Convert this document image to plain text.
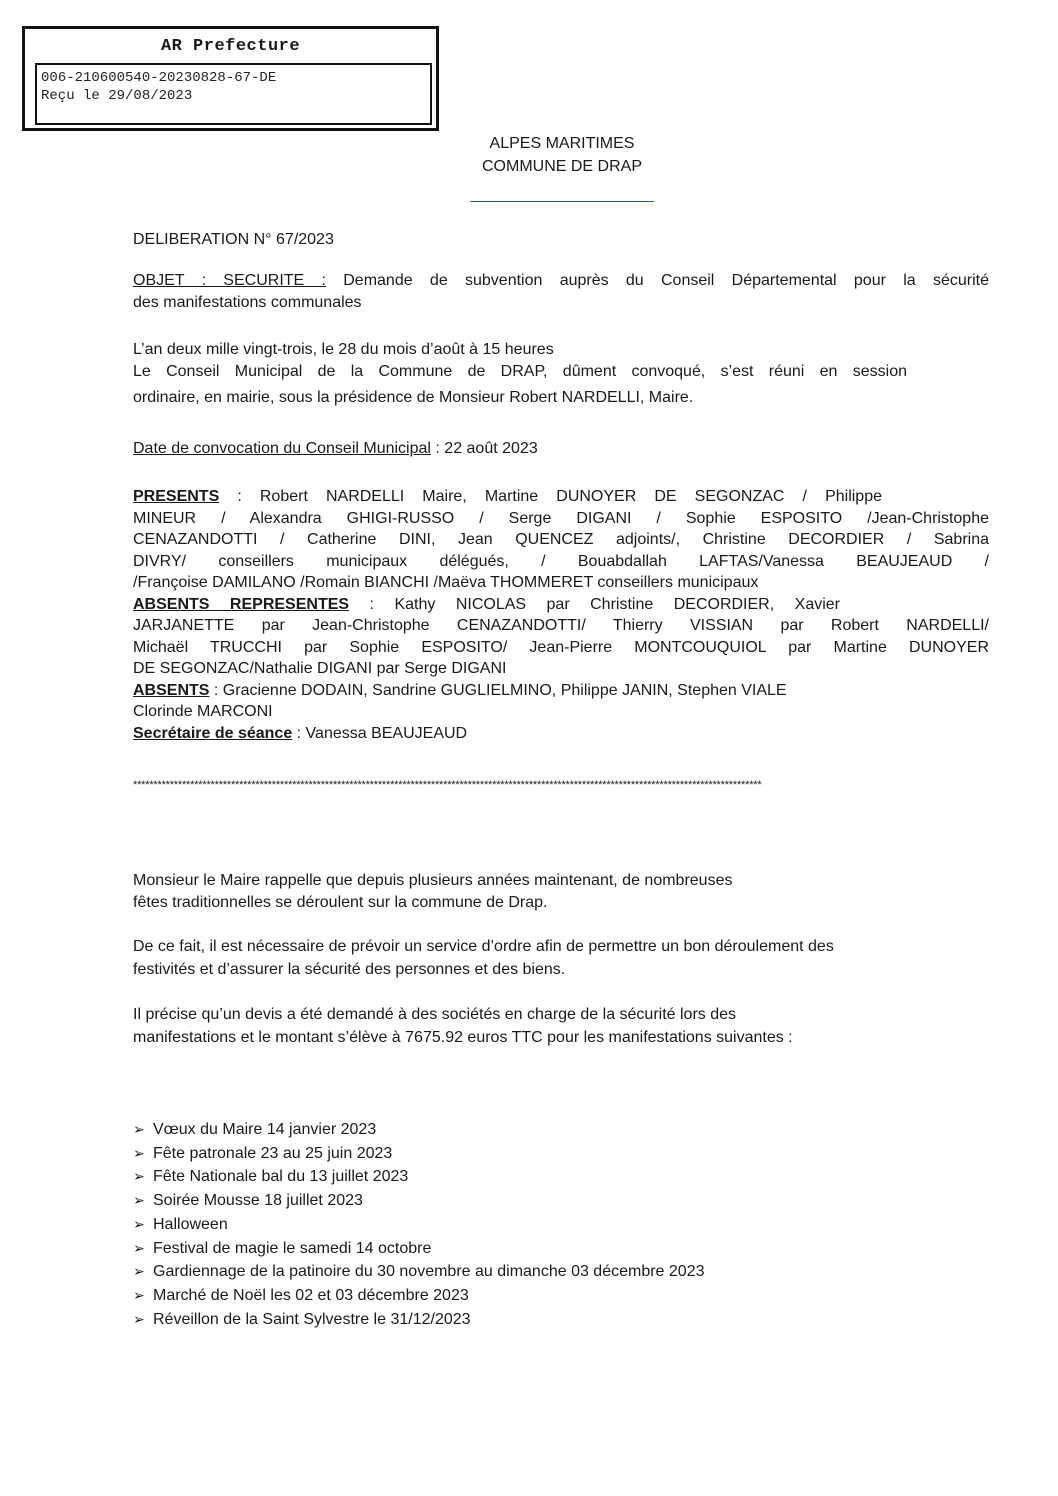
AR Prefecture
006-210600540-20230828-67-DE
Reçu le 29/08/2023
ALPES MARITIMES
COMMUNE DE DRAP
DELIBERATION N° 67/2023
OBJET : SECURITE : Demande de subvention auprès du Conseil Départemental pour la sécurité
des manifestations communales
L’an deux mille vingt-trois, le 28 du mois d’août à 15 heures
Le Conseil Municipal de la Commune de DRAP, dûment convoqué, s’est réuni en session
ordinaire, en mairie, sous la présidence de Monsieur Robert NARDELLI, Maire.
Date de convocation du Conseil Municipal : 22 août 2023
PRESENTS : Robert NARDELLI Maire, Martine DUNOYER DE SEGONZAC / Philippe
MINEUR / Alexandra GHIGI-RUSSO / Serge DIGANI / Sophie ESPOSITO /Jean-Christophe
CENAZANDOTTI / Catherine DINI, Jean QUENCEZ adjoints/, Christine DECORDIER / Sabrina
DIVRY/ conseillers municipaux délégués, / Bouabdallah LAFTAS/Vanessa BEAUJEAUD /
/Françoise DAMILANO /Romain BIANCHI /Maëva THOMMERET conseillers municipaux
ABSENTS REPRESENTES : Kathy NICOLAS par Christine DECORDIER, Xavier
JARJANETTE par Jean-Christophe CENAZANDOTTI/ Thierry VISSIAN par Robert NARDELLI/
Michaël TRUCCHI par Sophie ESPOSITO/ Jean-Pierre MONTCOUQUIOL par Martine DUNOYER
DE SEGONZAC/Nathalie DIGANI par Serge DIGANI
ABSENTS : Gracienne DODAIN, Sandrine GUGLIELMINO, Philippe JANIN, Stephen VIALE
Clorinde MARCONI
Secrétaire de séance : Vanessa BEAUJEAUD
**********************************************************************************************************************************************************
Monsieur le Maire rappelle que depuis plusieurs années maintenant, de nombreuses
fêtes traditionnelles se déroulent sur la commune de Drap.
De ce fait, il est nécessaire de prévoir un service d’ordre afin de permettre un bon déroulement des
festivités et d’assurer la sécurité des personnes et des biens.
Il précise qu’un devis a été demandé à des sociétés en charge de la sécurité lors des
manifestations et le montant s’élève à 7675.92 euros TTC pour les manifestations suivantes :
➢ Vœux du Maire 14 janvier 2023
➢ Fête patronale 23 au 25 juin 2023
➢ Fête Nationale bal du 13 juillet 2023
➢ Soirée Mousse 18 juillet 2023
➢ Halloween
➢ Festival de magie le samedi 14 octobre
➢ Gardiennage de la patinoire du 30 novembre au dimanche 03 décembre 2023
➢ Marché de Noël les 02 et 03 décembre 2023
➢ Réveillon de la Saint Sylvestre le 31/12/2023
